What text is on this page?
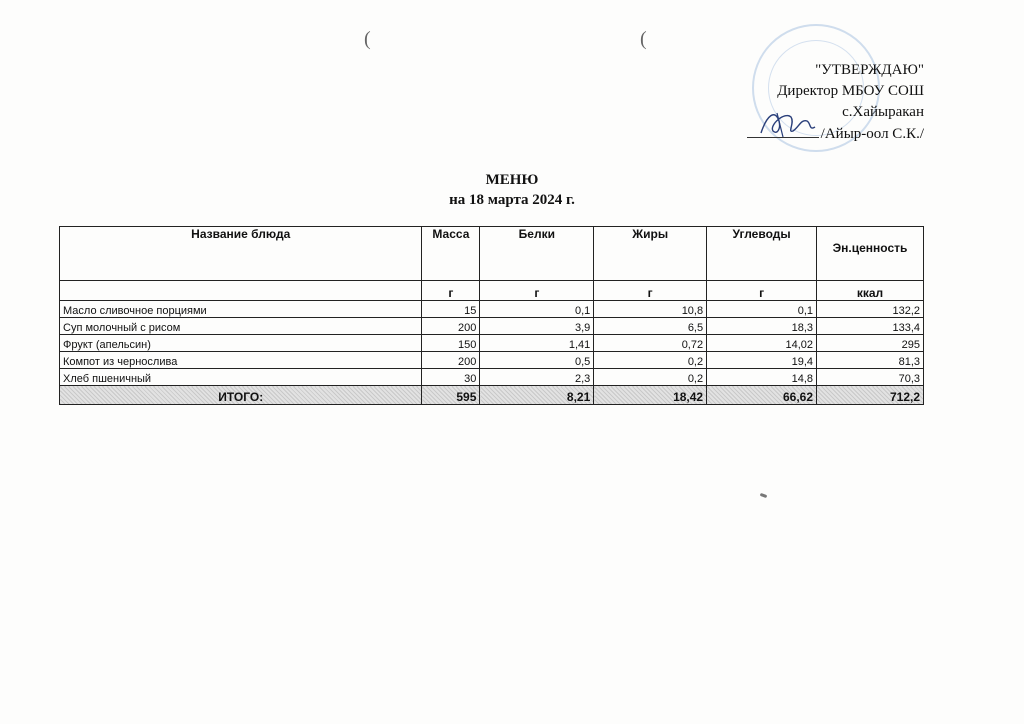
(	(
"УТВЕРЖДАЮ"
Директор МБОУ СОШ
с.Хайыракан
/Айыр-оол С.К./
МЕНЮ
на 18 марта 2024 г.
Название блюда	Масса	Белки	Жиры	Углеводы	Эн.ценность
	г	г	г	г	ккал
Масло сливочное порциями	15	0,1	10,8	0,1	132,2
Суп молочный с рисом	200	3,9	6,5	18,3	133,4
Фрукт (апельсин)	150	1,41	0,72	14,02	295
Компот из чернослива	200	0,5	0,2	19,4	81,3
Хлеб пшеничный	30	2,3	0,2	14,8	70,3
ИТОГО:	595	8,21	18,42	66,62	712,2
